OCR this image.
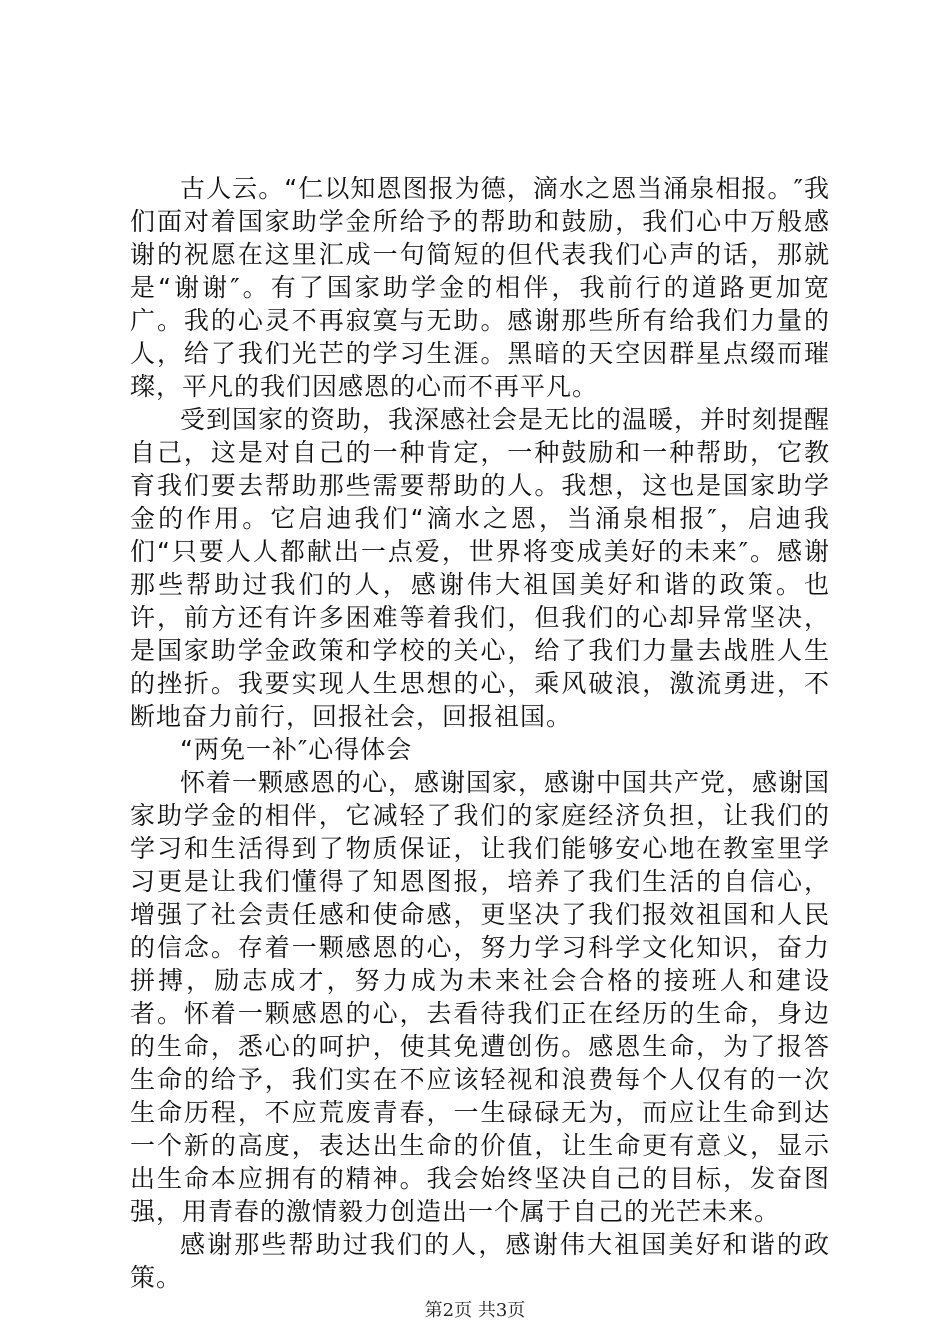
古人云。“仁以知恩图报为德，滴水之恩当涌泉相报。″我们面对着国家助学金所给予的帮助和鼓励，我们心中万般感谢的祝愿在这里汇成一句简短的但代表我们心声的话，那就是“谢谢″。有了国家助学金的相伴，我前行的道路更加宽广。我的心灵不再寂寞与无助。感谢那些所有给我们力量的人，给了我们光芒的学习生涯。黑暗的天空因群星点缀而璀璨，平凡的我们因感恩的心而不再平凡。

受到国家的资助，我深感社会是无比的温暖，并时刻提醒自己，这是对自己的一种肯定，一种鼓励和一种帮助，它教育我们要去帮助那些需要帮助的人。我想，这也是国家助学金的作用。它启迪我们“滴水之恩，当涌泉相报″，启迪我们“只要人人都献出一点爱，世界将变成美好的未来″。感谢那些帮助过我们的人，感谢伟大祖国美好和谐的政策。也许，前方还有许多困难等着我们，但我们的心却异常坚决，是国家助学金政策和学校的关心，给了我们力量去战胜人生的挫折。我要实现人生思想的心，乘风破浪，激流勇进，不断地奋力前行，回报社会，回报祖国。

“两免一补″心得体会

怀着一颗感恩的心，感谢国家，感谢中国共产党，感谢国家助学金的相伴，它减轻了我们的家庭经济负担，让我们的学习和生活得到了物质保证，让我们能够安心地在教室里学习更是让我们懂得了知恩图报，培养了我们生活的自信心，增强了社会责任感和使命感，更坚决了我们报效祖国和人民的信念。存着一颗感恩的心，努力学习科学文化知识，奋力拼搏，励志成才，努力成为未来社会合格的接班人和建设者。怀着一颗感恩的心，去看待我们正在经历的生命，身边的生命，悉心的呵护，使其免遭创伤。感恩生命，为了报答生命的给予，我们实在不应该轻视和浪费每个人仅有的一次生命历程，不应荒废青春，一生碌碌无为，而应让生命到达一个新的高度，表达出生命的价值，让生命更有意义，显示出生命本应拥有的精神。我会始终坚决自己的目标，发奋图强，用青春的激情毅力创造出一个属于自己的光芒未来。

感谢那些帮助过我们的人，感谢伟大祖国美好和谐的政策。

第2页 共3页
